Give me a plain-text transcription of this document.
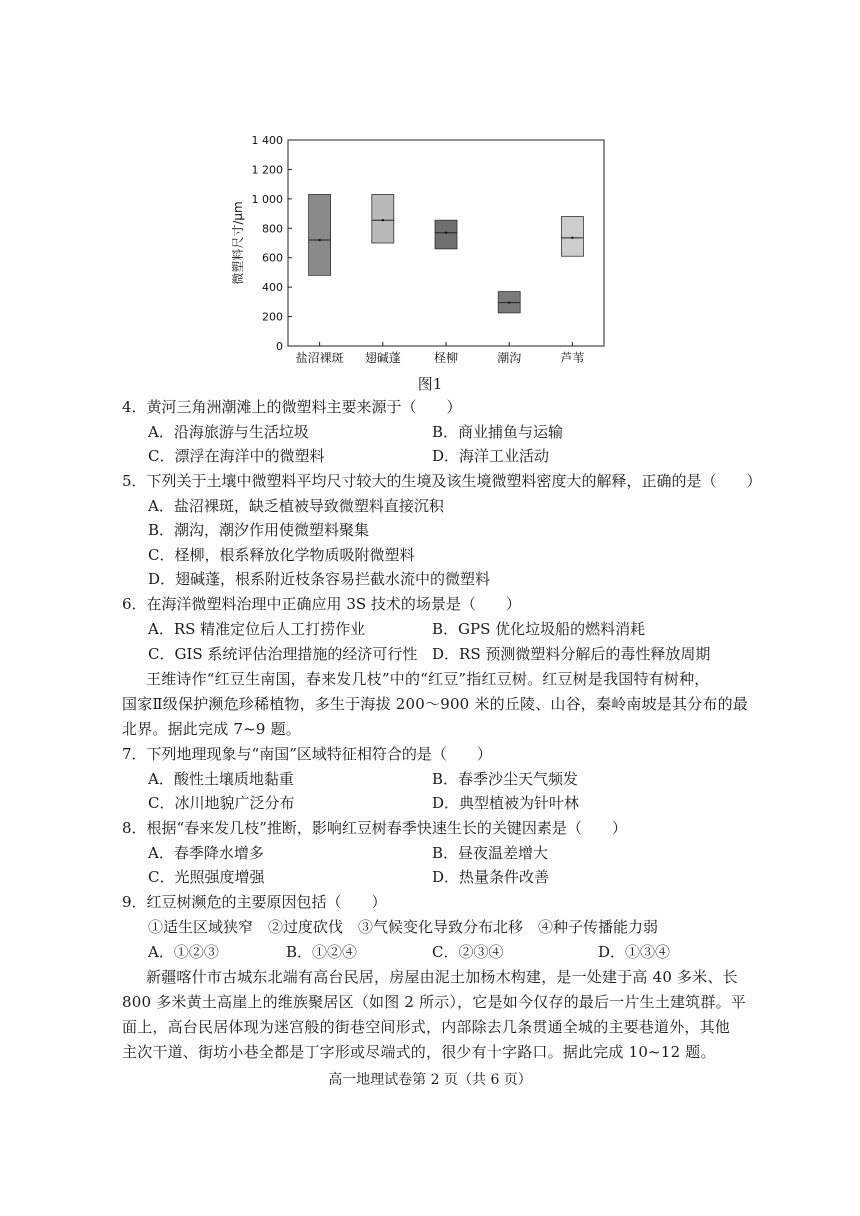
0
200
400
600
800
1 000
1 200
1 400
微塑料尺寸/μm
盐沼裸斑 翅碱蓬	柽柳	潮沟	芦苇
图1
4．黄河三角洲潮滩上的微塑料主要来源于（　　）
A．沿海旅游与生活垃圾	B．商业捕鱼与运输
C．漂浮在海洋中的微塑料	D．海洋工业活动
5．下列关于土壤中微塑料平均尺寸较大的生境及该生境微塑料密度大的解释，正确的是（　　）
A．盐沼裸斑，缺乏植被导致微塑料直接沉积
B．潮沟，潮汐作用使微塑料聚集
C．柽柳，根系释放化学物质吸附微塑料
D．翅碱蓬，根系附近枝条容易拦截水流中的微塑料
6．在海洋微塑料治理中正确应用 3S 技术的场景是（　　）
A．RS 精准定位后人工打捞作业	B．GPS 优化垃圾船的燃料消耗
C．GIS 系统评估治理措施的经济可行性 D．RS 预测微塑料分解后的毒性释放周期
王维诗作“红豆生南国，春来发几枝”中的“红豆”指红豆树。红豆树是我国特有树种，
国家Ⅱ级保护濒危珍稀植物，多生于海拔 200～900 米的丘陵、山谷，秦岭南坡是其分布的最
北界。据此完成 7~9 题。
7．下列地理现象与“南国”区域特征相符合的是（　　）
A．酸性土壤质地黏重	B．春季沙尘天气频发
C．冰川地貌广泛分布	D．典型植被为针叶林
8．根据“春来发几枝”推断，影响红豆树春季快速生长的关键因素是（　　）
A．春季降水增多	B．昼夜温差增大
C．光照强度增强	D．热量条件改善
9．红豆树濒危的主要原因包括（　　）
①适生区域狭窄　②过度砍伐　③气候变化导致分布北移　④种子传播能力弱
A．①②③	B．①②④	C．②③④	D．①③④
新疆喀什市古城东北端有高台民居，房屋由泥土加杨木构建，是一处建于高 40 多米、长
800 多米黄土高崖上的维族聚居区（如图 2 所示），它是如今仅存的最后一片生土建筑群。平
面上，高台民居体现为迷宫般的街巷空间形式，内部除去几条贯通全城的主要巷道外，其他
主次干道、街坊小巷全都是丁字形或尽端式的，很少有十字路口。据此完成 10~12 题。
高一地理试卷第 2 页（共 6 页）
